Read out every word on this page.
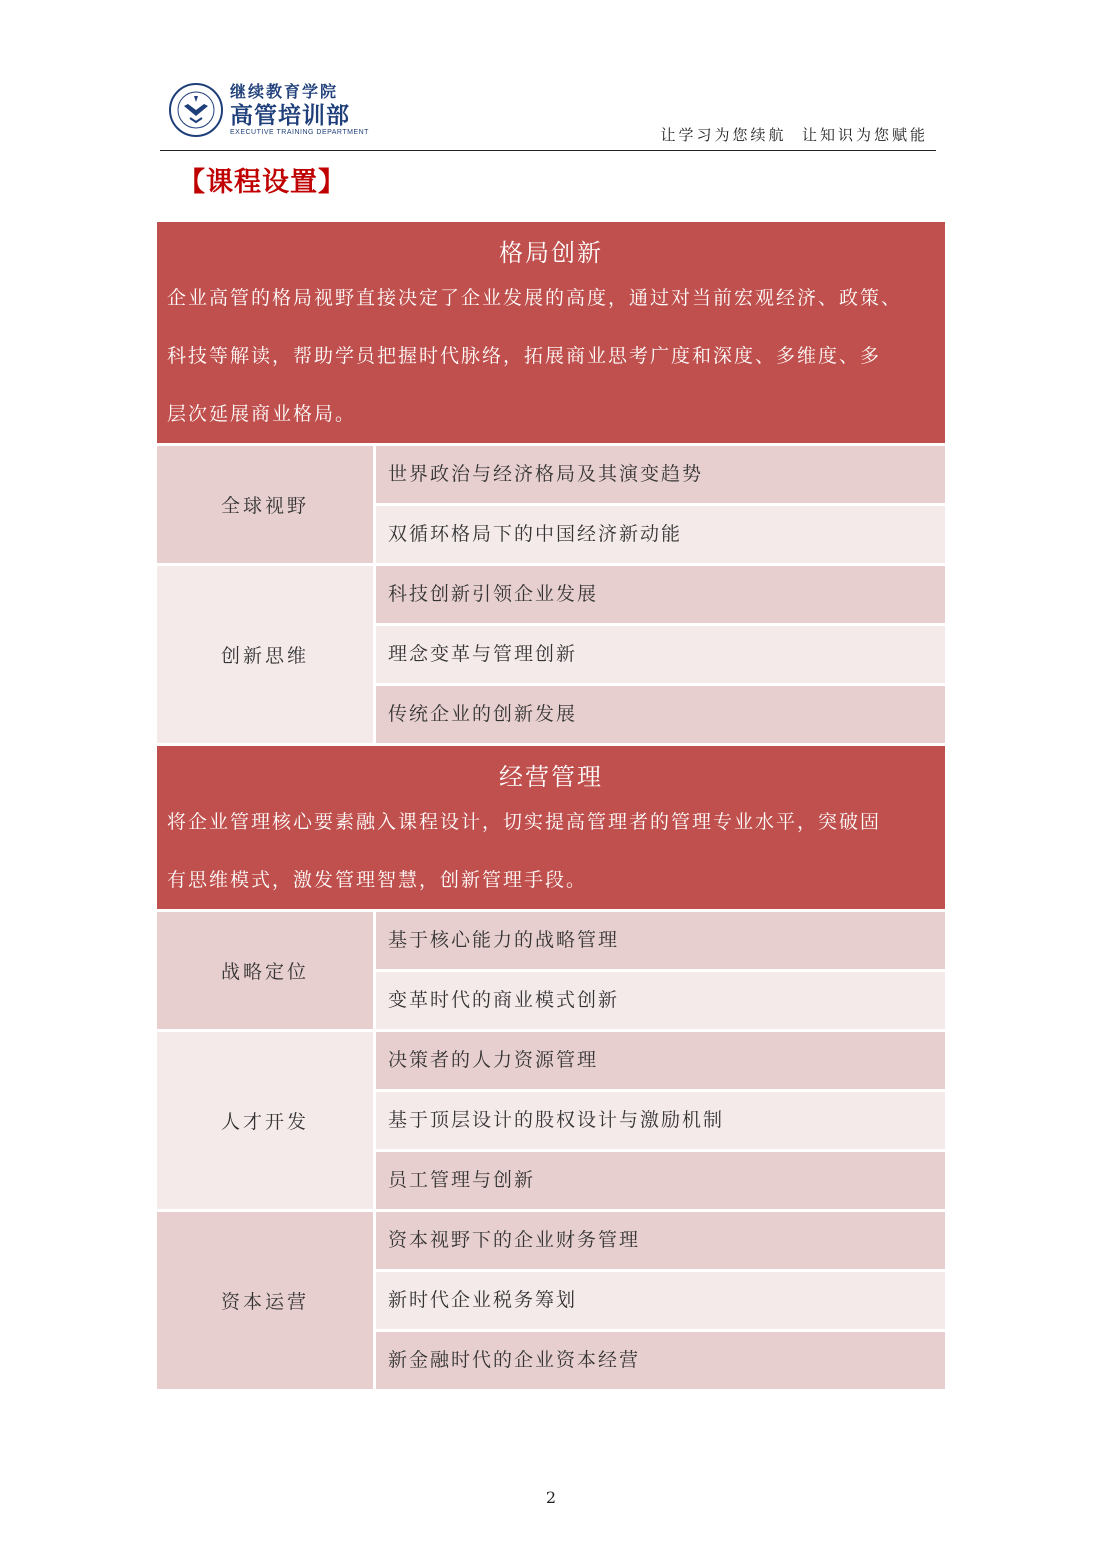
继续教育学院
高管培训部
EXECUTIVE TRAINING DEPARTMENT	让学习为您续航  让知识为您赋能
【课程设置】
格局创新
企业高管的格局视野直接决定了企业发展的高度，通过对当前宏观经济、政策、
科技等解读，帮助学员把握时代脉络，拓展商业思考广度和深度、多维度、多
层次延展商业格局。
全球视野
世界政治与经济格局及其演变趋势
双循环格局下的中国经济新动能
创新思维
科技创新引领企业发展
理念变革与管理创新
传统企业的创新发展
经营管理
将企业管理核心要素融入课程设计，切实提高管理者的管理专业水平，突破固
有思维模式，激发管理智慧，创新管理手段。
战略定位
基于核心能力的战略管理
变革时代的商业模式创新
人才开发
决策者的人力资源管理
基于顶层设计的股权设计与激励机制
员工管理与创新
资本运营
资本视野下的企业财务管理
新时代企业税务筹划
新金融时代的企业资本经营
2
